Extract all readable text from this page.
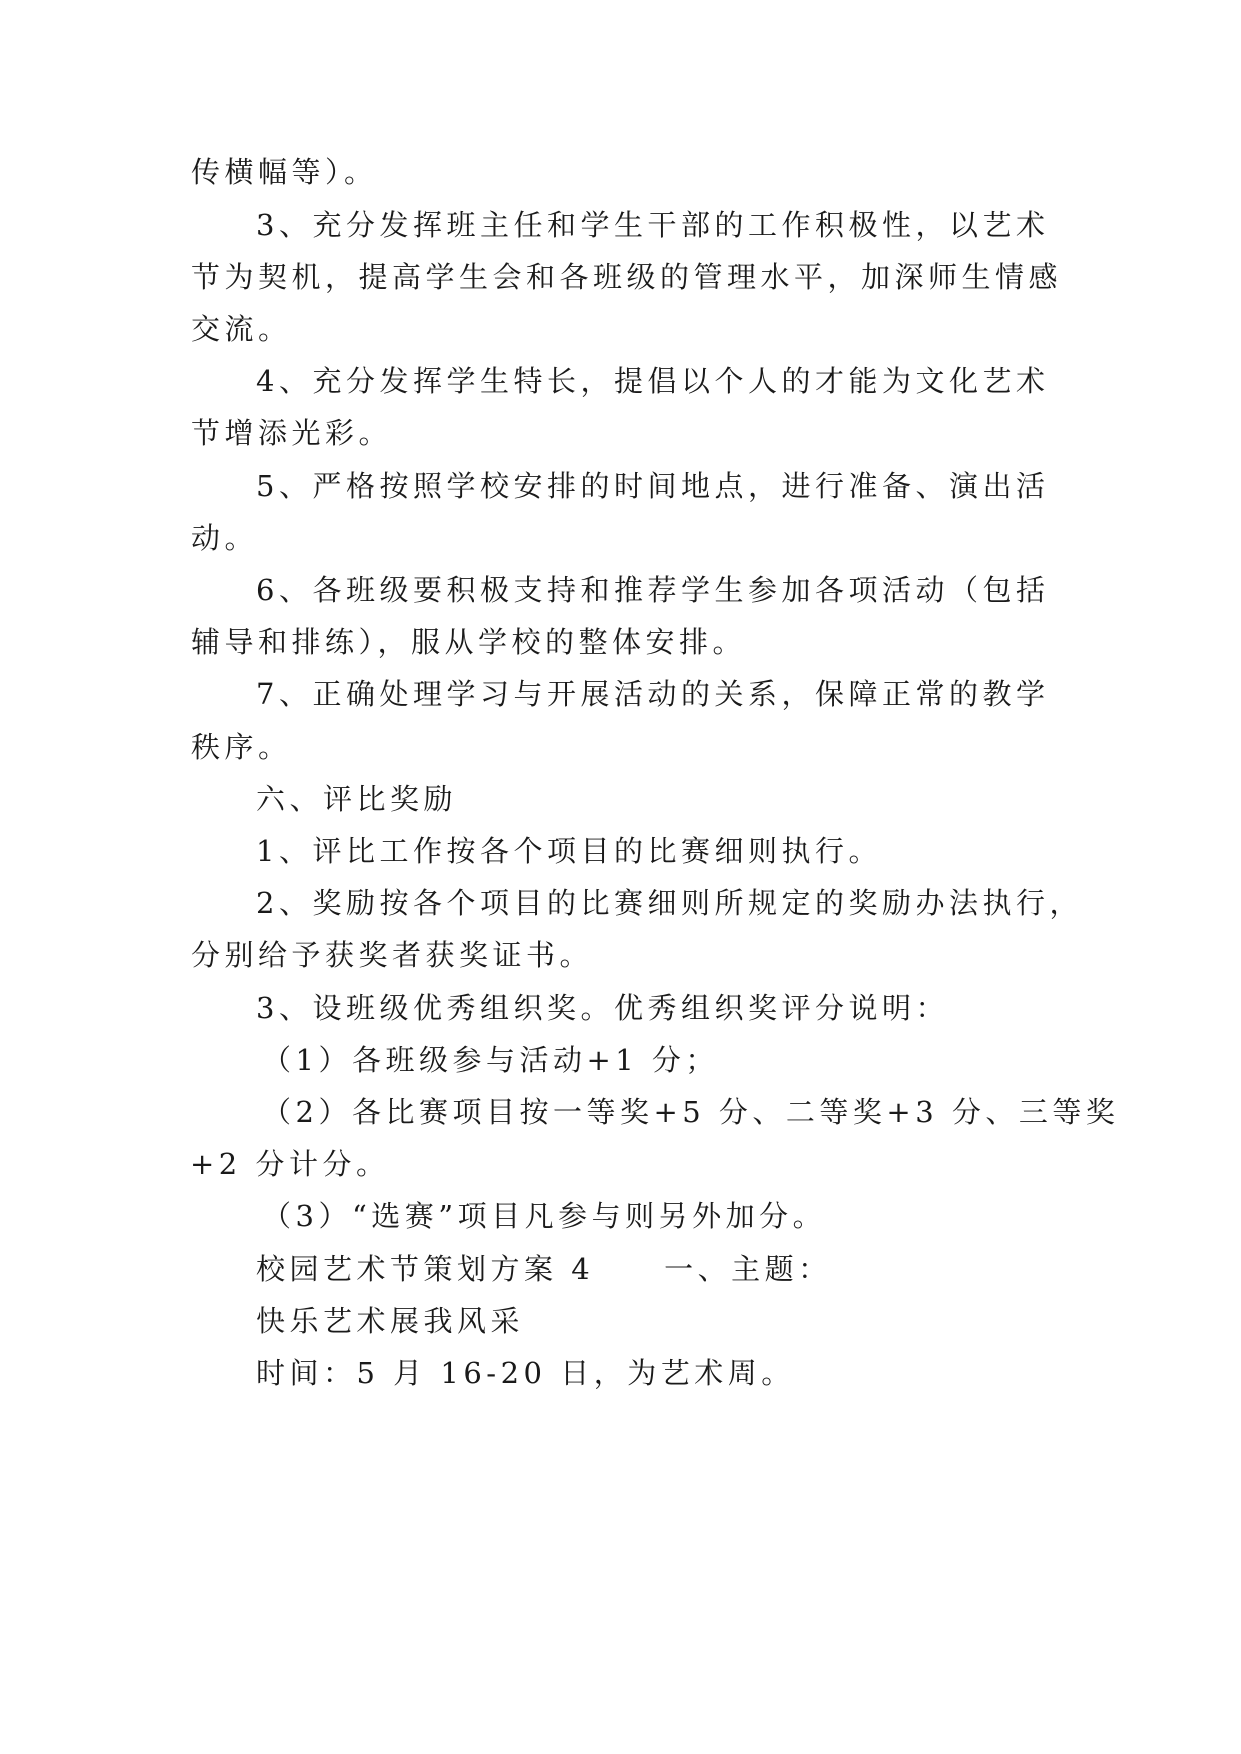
传横幅等）。
3、充分发挥班主任和学生干部的工作积极性，以艺术
节为契机，提高学生会和各班级的管理水平，加深师生情感
交流。
4、充分发挥学生特长，提倡以个人的才能为文化艺术
节增添光彩。
5、严格按照学校安排的时间地点，进行准备、演出活
动。
6、各班级要积极支持和推荐学生参加各项活动（包括
辅导和排练），服从学校的整体安排。
7、正确处理学习与开展活动的关系，保障正常的教学
秩序。
六、评比奖励
1、评比工作按各个项目的比赛细则执行。
2、奖励按各个项目的比赛细则所规定的奖励办法执行，
分别给予获奖者获奖证书。
3、设班级优秀组织奖。优秀组织奖评分说明：
（1）各班级参与活动+1 分；
（2）各比赛项目按一等奖+5 分、二等奖+3 分、三等奖
+2 分计分。
（3）“选赛”项目凡参与则另外加分。
校园艺术节策划方案 4 一、主题：
快乐艺术展我风采
时间：5 月 16-20 日，为艺术周。
